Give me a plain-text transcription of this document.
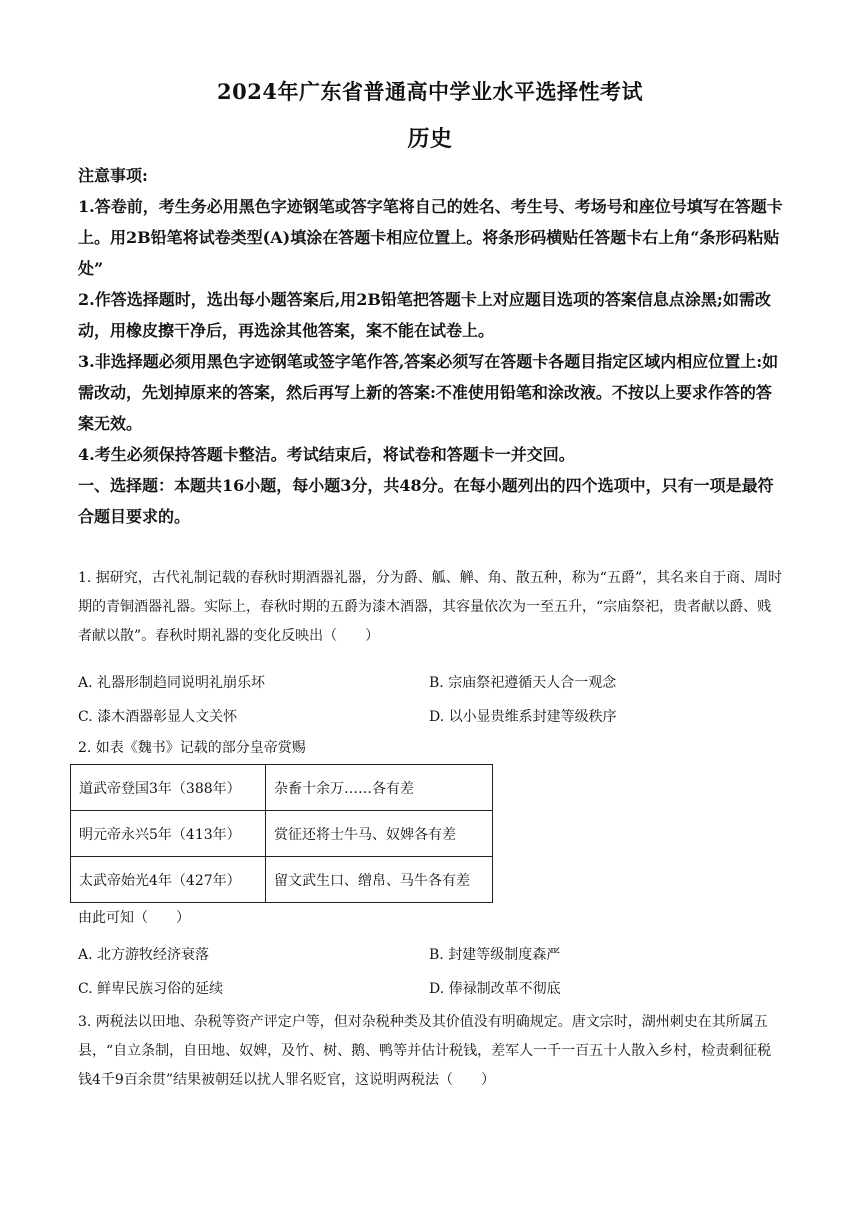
2024年广东省普通高中学业水平选择性考试
历史

注意事项:

1.答卷前，考生务必用黑色字迹钢笔或答字笔将自己的姓名、考生号、考场号和座位号填写在答题卡上。用2B铅笔将试卷类型(A)填涂在答题卡相应位置上。将条形码横贴任答题卡右上角“条形码粘贴处”

2.作答选择题时，选出每小题答案后,用2B铅笔把答题卡上对应题目选项的答案信息点涂黑;如需改动，用橡皮擦干净后，再选涂其他答案，案不能在试卷上。

3.非选择题必须用黑色字迹钢笔或签字笔作答,答案必须写在答题卡各题目指定区域内相应位置上:如需改动，先划掉原来的答案，然后再写上新的答案:不准使用铅笔和涂改液。不按以上要求作答的答案无效。

4.考生必须保持答题卡整洁。考试结束后，将试卷和答题卡一并交回。

一、选择题：本题共16小题，每小题3分，共48分。在每小题列出的四个选项中，只有一项是最符合题目要求的。

1. 据研究，古代礼制记载的春秋时期酒器礼器，分为爵、觚、觯、角、散五种，称为“五爵”，其名来自于商、周时期的青铜酒器礼器。实际上，春秋时期的五爵为漆木酒器，其容量依次为一至五升，“宗庙祭祀，贵者献以爵、贱者献以散”。春秋时期礼器的变化反映出（　　）

A. 礼器形制趋同说明礼崩乐坏	B. 宗庙祭祀遵循天人合一观念
C. 漆木酒器彰显人文关怀	D. 以小显贵维系封建等级秩序

2. 如表《魏书》记载的部分皇帝赏赐

道武帝登国3年（388年）	杂畜十余万……各有差
明元帝永兴5年（413年）	赏征还将士牛马、奴婢各有差
太武帝始光4年（427年）	留文武生口、缯帛、马牛各有差

由此可知（　　）

A. 北方游牧经济衰落	B. 封建等级制度森严
C. 鲜卑民族习俗的延续	D. 俸禄制改革不彻底

3. 两税法以田地、杂税等资产评定户等，但对杂税种类及其价值没有明确规定。唐文宗时，湖州刺史在其所属五县，“自立条制，自田地、奴婢，及竹、树、鹅、鸭等并估计税钱，差军人一千一百五十人散入乡村，检责剩征税钱4千9百余贯”结果被朝廷以扰人罪名贬官，这说明两税法（　　）
